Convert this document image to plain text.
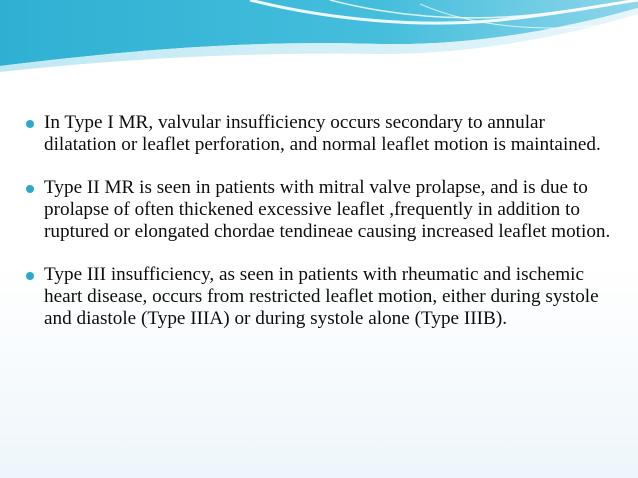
In Type I MR, valvular insufficiency occurs secondary to annular dilatation or leaflet perforation, and normal leaflet motion is maintained.
Type II MR is seen in patients with mitral valve prolapse, and is due to prolapse of often thickened excessive leaflet ,frequently in addition to ruptured or elongated chordae tendineae causing increased leaflet motion.
Type III insufficiency, as seen in patients with rheumatic and ischemic heart disease, occurs from restricted leaflet motion, either during systole and diastole (Type IIIA) or during systole alone (Type IIIB).
